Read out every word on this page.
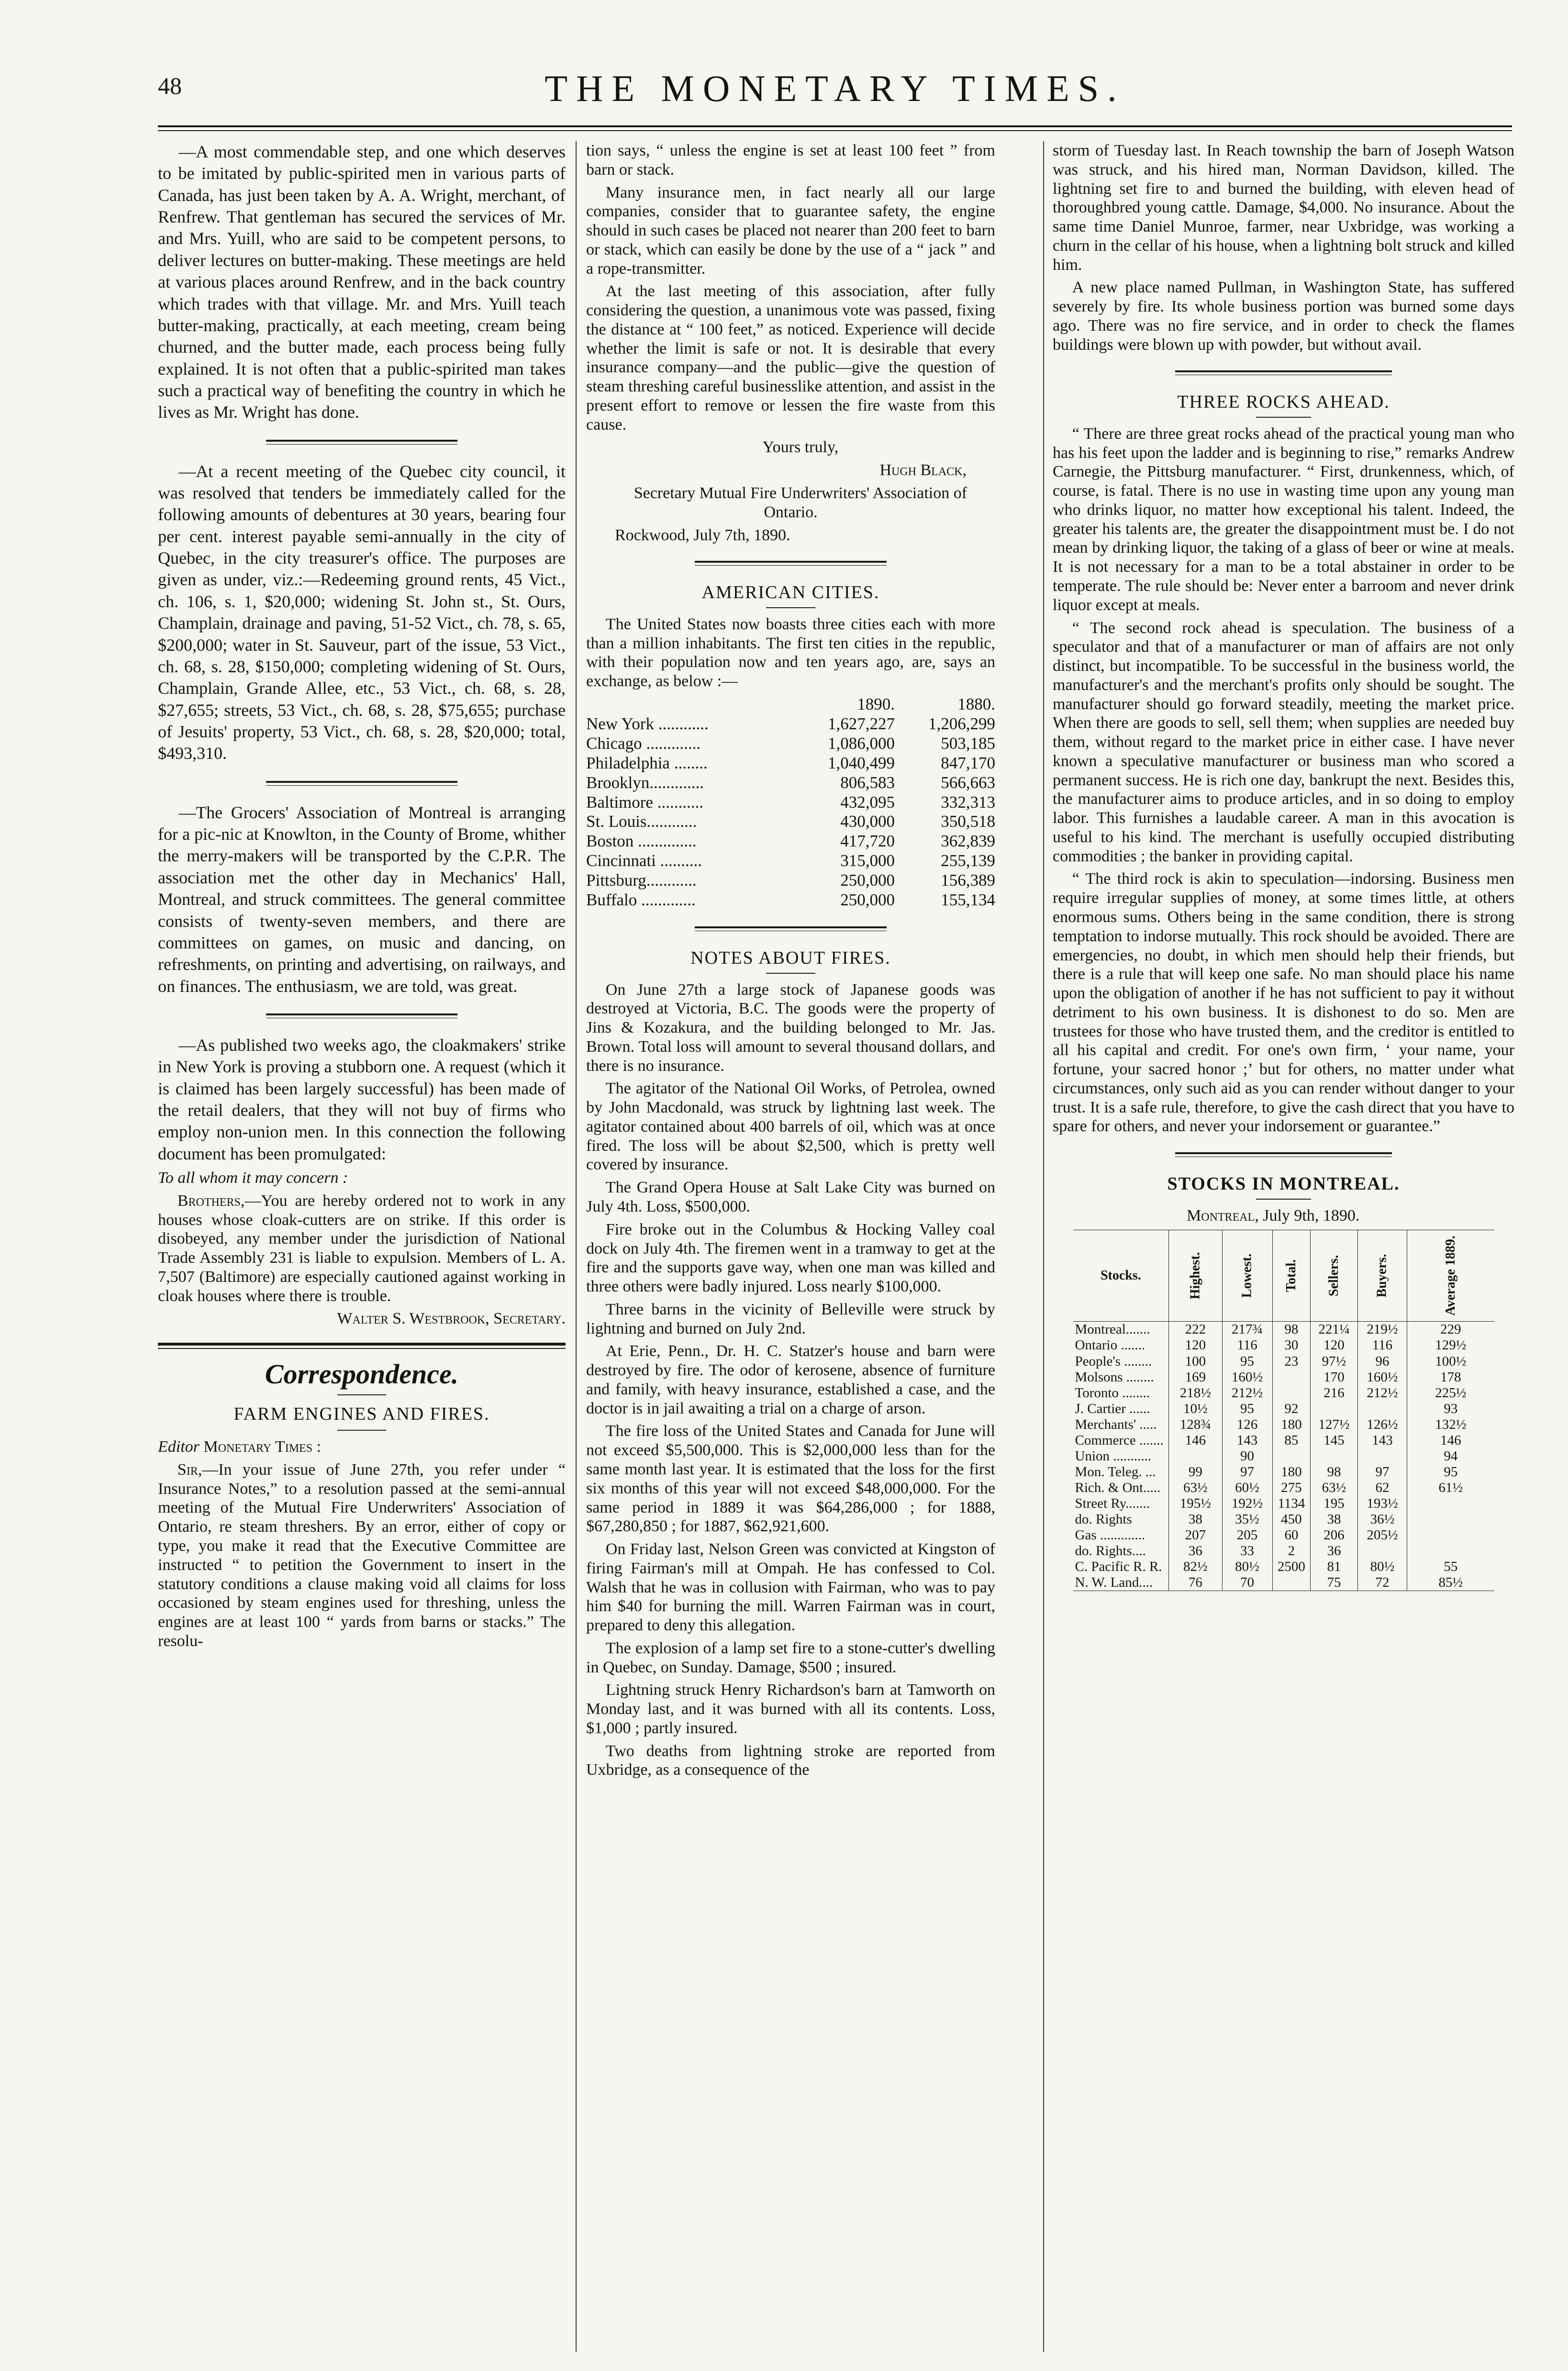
48	THE MONETARY TIMES.

—A most commendable step, and one which deserves to be imitated by public-spirited men in various parts of Canada, has just been taken by A. A. Wright, merchant, of Renfrew. That gentleman has secured the services of Mr. and Mrs. Yuill, who are said to be competent persons, to deliver lectures on butter-making. These meetings are held at various places around Renfrew, and in the back country which trades with that village. Mr. and Mrs. Yuill teach butter-making, practically, at each meeting, cream being churned, and the butter made, each process being fully explained. It is not often that a public-spirited man takes such a practical way of benefiting the country in which he lives as Mr. Wright has done.

—At a recent meeting of the Quebec city council, it was resolved that tenders be immediately called for the following amounts of debentures at 30 years, bearing four per cent. interest payable semi-annually in the city of Quebec, in the city treasurer's office. The purposes are given as under, viz.:—Redeeming ground rents, 45 Vict., ch. 106, s. 1, $20,000; widening St. John st., St. Ours, Champlain, drainage and paving, 51-52 Vict., ch. 78, s. 65, $200,000; water in St. Sauveur, part of the issue, 53 Vict., ch. 68, s. 28, $150,000; completing widening of St. Ours, Champlain, Grande Allee, etc., 53 Vict., ch. 68, s. 28, $27,655; streets, 53 Vict., ch. 68, s. 28, $75,655; purchase of Jesuits' property, 53 Vict., ch. 68, s. 28, $20,000; total, $493,310.

—The Grocers' Association of Montreal is arranging for a pic-nic at Knowlton, in the County of Brome, whither the merry-makers will be transported by the C.P.R. The association met the other day in Mechanics' Hall, Montreal, and struck committees. The general committee consists of twenty-seven members, and there are committees on games, on music and dancing, on refreshments, on printing and advertising, on railways, and on finances. The enthusiasm, we are told, was great.

—As published two weeks ago, the cloakmakers' strike in New York is proving a stubborn one. A request (which it is claimed has been largely successful) has been made of the retail dealers, that they will not buy of firms who employ non-union men. In this connection the following document has been promulgated:

To all whom it may concern :

Brothers,—You are hereby ordered not to work in any houses whose cloak-cutters are on strike. If this order is disobeyed, any member under the jurisdiction of National Trade Assembly 231 is liable to expulsion. Members of L. A. 7,507 (Baltimore) are especially cautioned against working in cloak houses where there is trouble.

Walter S. Westbrook, Secretary.

Correspondence.
FARM ENGINES AND FIRES.

Editor Monetary Times :

Sir,—In your issue of June 27th, you refer under “ Insurance Notes,” to a resolution passed at the semi-annual meeting of the Mutual Fire Underwriters' Association of Ontario, re steam threshers. By an error, either of copy or type, you make it read that the Executive Committee are instructed “ to petition the Government to insert in the statutory conditions a clause making void all claims for loss occasioned by steam engines used for threshing, unless the engines are at least 100 “ yards from barns or stacks.” The resolu-

tion says, “ unless the engine is set at least 100 feet ” from barn or stack.

Many insurance men, in fact nearly all our large companies, consider that to guarantee safety, the engine should in such cases be placed not nearer than 200 feet to barn or stack, which can easily be done by the use of a “ jack ” and a rope-transmitter.

At the last meeting of this association, after fully considering the question, a unanimous vote was passed, fixing the distance at “ 100 feet,” as noticed. Experience will decide whether the limit is safe or not. It is desirable that every insurance company—and the public—give the question of steam threshing careful businesslike attention, and assist in the present effort to remove or lessen the fire waste from this cause.

Yours truly,

Hugh Black,

Secretary Mutual Fire Underwriters' Association of Ontario.

Rockwood, July 7th, 1890.

AMERICAN CITIES.

The United States now boasts three cities each with more than a million inhabitants. The first ten cities in the republic, with their population now and ten years ago, are, says an exchange, as below :—

	1890.	1880.
New York ............	1,627,227	1,206,299
Chicago .............	1,086,000	503,185
Philadelphia ........	1,040,499	847,170
Brooklyn.............	806,583	566,663
Baltimore ...........	432,095	332,313
St. Louis............	430,000	350,518
Boston ..............	417,720	362,839
Cincinnati ..........	315,000	255,139
Pittsburg............	250,000	156,389
Buffalo .............	250,000	155,134
NOTES ABOUT FIRES.

On June 27th a large stock of Japanese goods was destroyed at Victoria, B.C. The goods were the property of Jins & Kozakura, and the building belonged to Mr. Jas. Brown. Total loss will amount to several thousand dollars, and there is no insurance.

The agitator of the National Oil Works, of Petrolea, owned by John Macdonald, was struck by lightning last week. The agitator contained about 400 barrels of oil, which was at once fired. The loss will be about $2,500, which is pretty well covered by insurance.

The Grand Opera House at Salt Lake City was burned on July 4th. Loss, $500,000.

Fire broke out in the Columbus & Hocking Valley coal dock on July 4th. The firemen went in a tramway to get at the fire and the supports gave way, when one man was killed and three others were badly injured. Loss nearly $100,000.

Three barns in the vicinity of Belleville were struck by lightning and burned on July 2nd.

At Erie, Penn., Dr. H. C. Statzer's house and barn were destroyed by fire. The odor of kerosene, absence of furniture and family, with heavy insurance, established a case, and the doctor is in jail awaiting a trial on a charge of arson.

The fire loss of the United States and Canada for June will not exceed $5,500,000. This is $2,000,000 less than for the same month last year. It is estimated that the loss for the first six months of this year will not exceed $48,000,000. For the same period in 1889 it was $64,286,000 ; for 1888, $67,280,850 ; for 1887, $62,921,600.

On Friday last, Nelson Green was convicted at Kingston of firing Fairman's mill at Ompah. He has confessed to Col. Walsh that he was in collusion with Fairman, who was to pay him $40 for burning the mill. Warren Fairman was in court, prepared to deny this allegation.

The explosion of a lamp set fire to a stone-cutter's dwelling in Quebec, on Sunday. Damage, $500 ; insured.

Lightning struck Henry Richardson's barn at Tamworth on Monday last, and it was burned with all its contents. Loss, $1,000 ; partly insured.

Two deaths from lightning stroke are reported from Uxbridge, as a consequence of the

storm of Tuesday last. In Reach township the barn of Joseph Watson was struck, and his hired man, Norman Davidson, killed. The lightning set fire to and burned the building, with eleven head of thoroughbred young cattle. Damage, $4,000. No insurance. About the same time Daniel Munroe, farmer, near Uxbridge, was working a churn in the cellar of his house, when a lightning bolt struck and killed him.

A new place named Pullman, in Washington State, has suffered severely by fire. Its whole business portion was burned some days ago. There was no fire service, and in order to check the flames buildings were blown up with powder, but without avail.

THREE ROCKS AHEAD.

“ There are three great rocks ahead of the practical young man who has his feet upon the ladder and is beginning to rise,” remarks Andrew Carnegie, the Pittsburg manufacturer. “ First, drunkenness, which, of course, is fatal. There is no use in wasting time upon any young man who drinks liquor, no matter how exceptional his talent. Indeed, the greater his talents are, the greater the disappointment must be. I do not mean by drinking liquor, the taking of a glass of beer or wine at meals. It is not necessary for a man to be a total abstainer in order to be temperate. The rule should be: Never enter a barroom and never drink liquor except at meals.

“ The second rock ahead is speculation. The business of a speculator and that of a manufacturer or man of affairs are not only distinct, but incompatible. To be successful in the business world, the manufacturer's and the merchant's profits only should be sought. The manufacturer should go forward steadily, meeting the market price. When there are goods to sell, sell them; when supplies are needed buy them, without regard to the market price in either case. I have never known a speculative manufacturer or business man who scored a permanent success. He is rich one day, bankrupt the next. Besides this, the manufacturer aims to produce articles, and in so doing to employ labor. This furnishes a laudable career. A man in this avocation is useful to his kind. The merchant is usefully occupied distributing commodities ; the banker in providing capital.

“ The third rock is akin to speculation—indorsing. Business men require irregular supplies of money, at some times little, at others enormous sums. Others being in the same condition, there is strong temptation to indorse mutually. This rock should be avoided. There are emergencies, no doubt, in which men should help their friends, but there is a rule that will keep one safe. No man should place his name upon the obligation of another if he has not sufficient to pay it without detriment to his own business. It is dishonest to do so. Men are trustees for those who have trusted them, and the creditor is entitled to all his capital and credit. For one's own firm, ‘ your name, your fortune, your sacred honor ;’ but for others, no matter under what circumstances, only such aid as you can render without danger to your trust. It is a safe rule, therefore, to give the cash direct that you have to spare for others, and never your indorsement or guarantee.”

STOCKS IN MONTREAL.

Montreal, July 9th, 1890.

Stocks.	Highest.	Lowest.	Total.	Sellers.	Buyers.	Average 1889.
Montreal.......	222	217¾	98	221¼	219½	229
Ontario .......	120	116	30	120	116	129½
People's ........	100	95	23	97½	96	100½
Molsons ........	169	160½		170	160½	178
Toronto ........	218½	212½		216	212½	225½
J. Cartier ......	10½	95	92			93
Merchants' .....	128¾	126	180	127½	126½	132½
Commerce .......	146	143	85	145	143	146
Union ...........		90				94
Mon. Teleg. ...	99	97	180	98	97	95
Rich. & Ont.....	63½	60½	275	63½	62	61½
Street Ry.......	195½	192½	1134	195	193½	
do. Rights	38	35½	450	38	36½	
Gas .............	207	205	60	206	205½	
do. Rights....	36	33	2	36		
C. Pacific R. R.	82½	80½	2500	81	80½	55
N. W. Land....	76	70		75	72	85½
